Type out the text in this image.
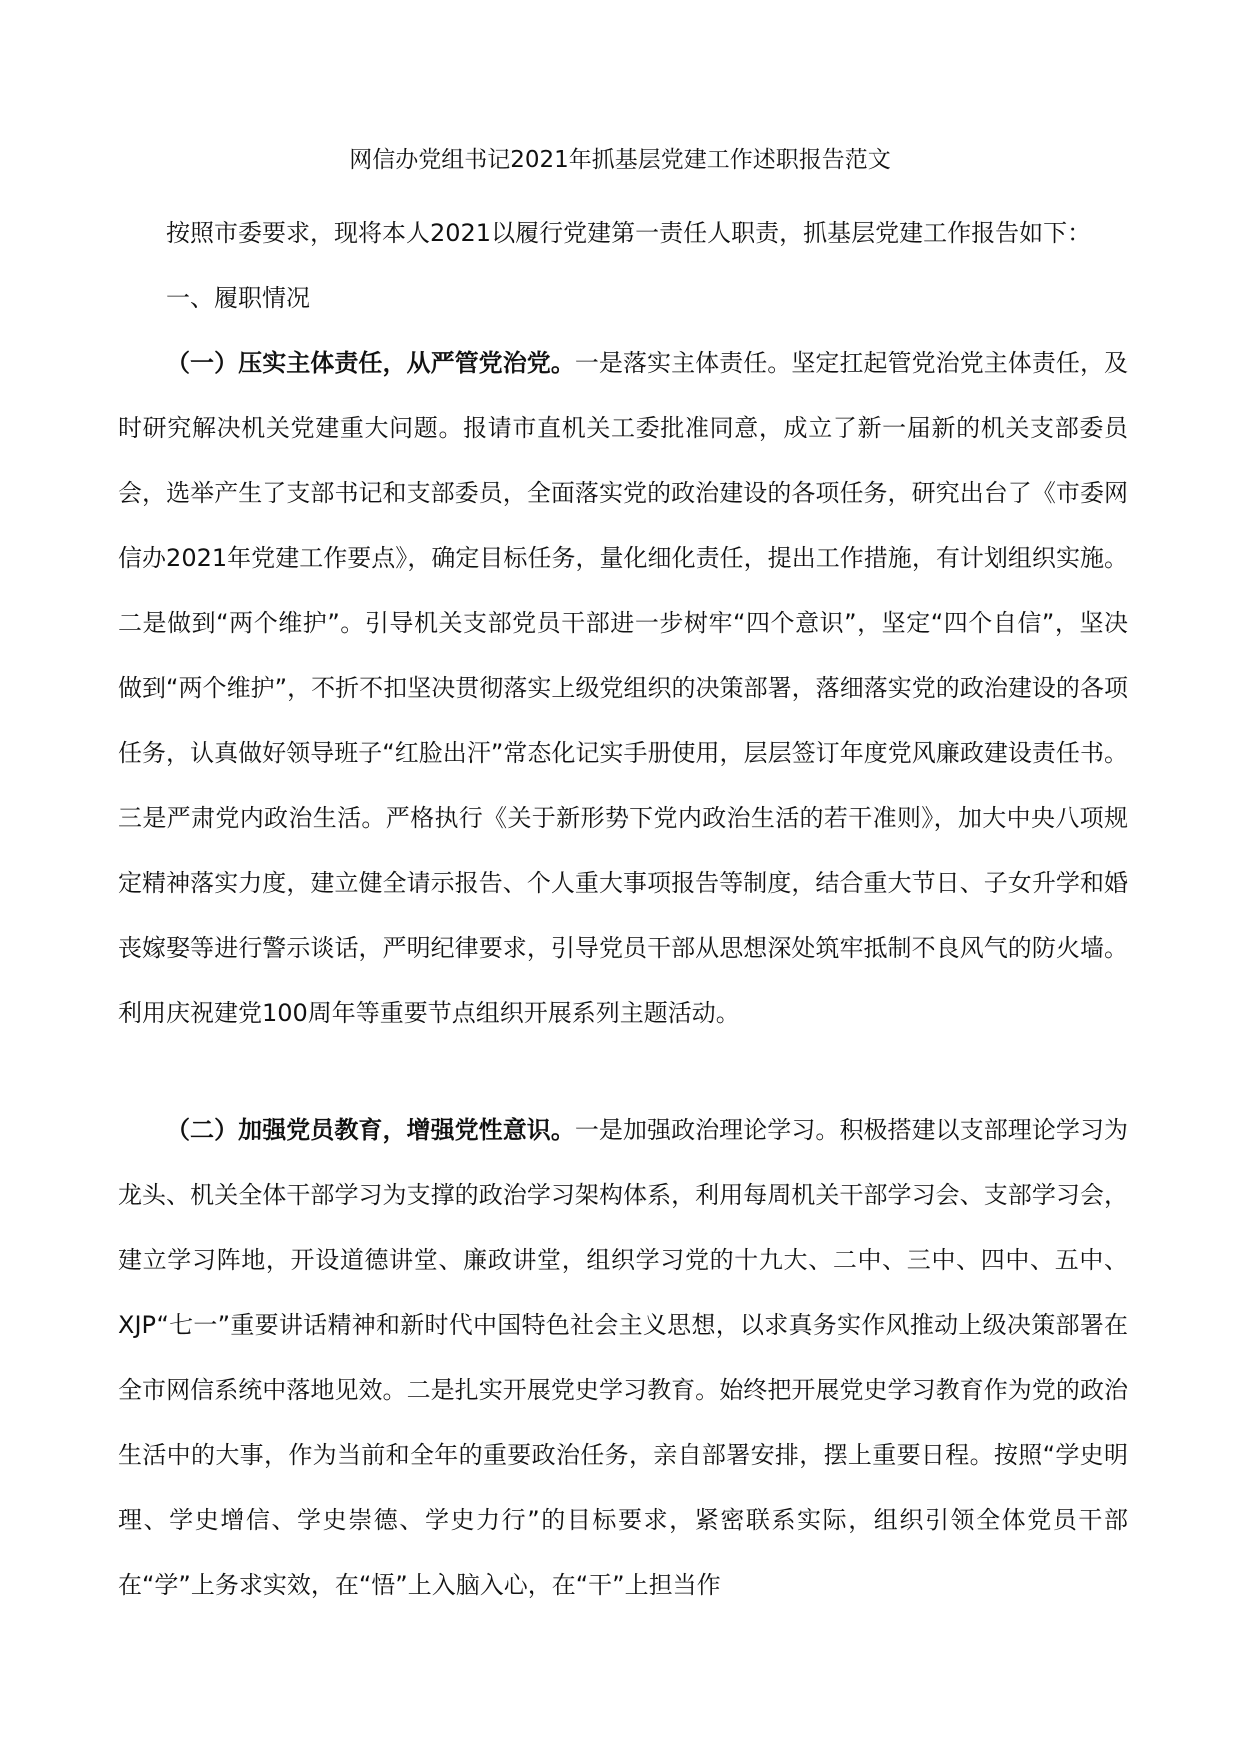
网信办党组书记2021年抓基层党建工作述职报告范文

按照市委要求，现将本人2021以履行党建第一责任人职责，抓基层党建工作报告如下：

一、履职情况

（一）压实主体责任，从严管党治党。一是落实主体责任。坚定扛起管党治党主体责任，及时研究解决机关党建重大问题。报请市直机关工委批准同意，成立了新一届新的机关支部委员会，选举产生了支部书记和支部委员，全面落实党的政治建设的各项任务，研究出台了《市委网信办2021年党建工作要点》，确定目标任务，量化细化责任，提出工作措施，有计划组织实施。二是做到“两个维护”。引导机关支部党员干部进一步树牢“四个意识”，坚定“四个自信”，坚决做到“两个维护”，不折不扣坚决贯彻落实上级党组织的决策部署，落细落实党的政治建设的各项任务，认真做好领导班子“红脸出汗”常态化记实手册使用，层层签订年度党风廉政建设责任书。三是严肃党内政治生活。严格执行《关于新形势下党内政治生活的若干准则》，加大中央八项规定精神落实力度，建立健全请示报告、个人重大事项报告等制度，结合重大节日、子女升学和婚丧嫁娶等进行警示谈话，严明纪律要求，引导党员干部从思想深处筑牢抵制不良风气的防火墙。利用庆祝建党100周年等重要节点组织开展系列主题活动。

（二）加强党员教育，增强党性意识。一是加强政治理论学习。积极搭建以支部理论学习为龙头、机关全体干部学习为支撑的政治学习架构体系，利用每周机关干部学习会、支部学习会，建立学习阵地，开设道德讲堂、廉政讲堂，组织学习党的十九大、二中、三中、四中、五中、XJP“七一”重要讲话精神和新时代中国特色社会主义思想，以求真务实作风推动上级决策部署在全市网信系统中落地见效。二是扎实开展党史学习教育。始终把开展党史学习教育作为党的政治生活中的大事，作为当前和全年的重要政治任务，亲自部署安排，摆上重要日程。按照“学史明理、学史增信、学史崇德、学史力行”的目标要求，紧密联系实际，组织引领全体党员干部在“学”上务求实效，在“悟”上入脑入心，在“干”上担当作
